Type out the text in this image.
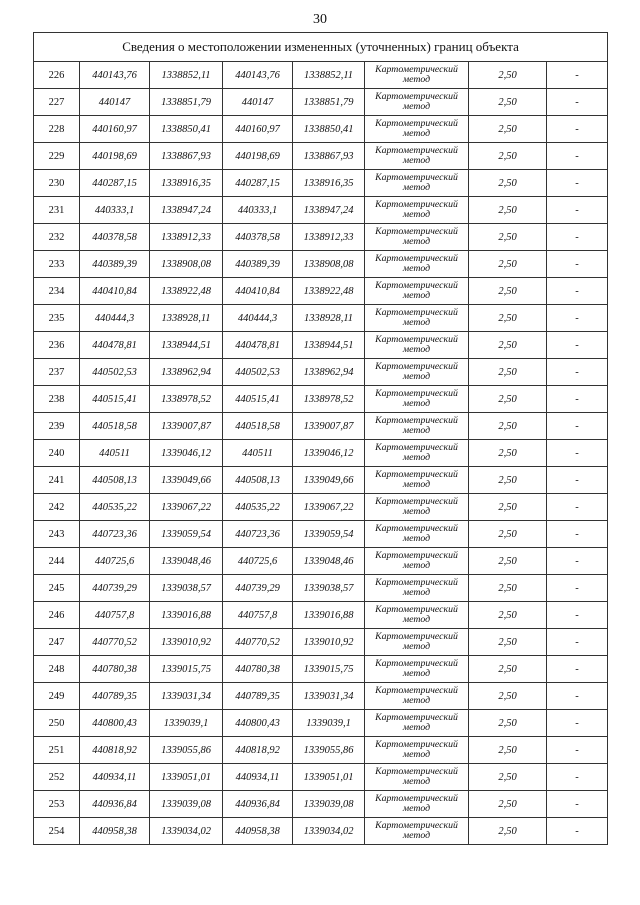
30
Сведения о местоположении измененных (уточненных) границ объекта							
226	440143,76	1338852,11	440143,76	1338852,11	Картометрический метод	2,50	-
227	440147	1338851,79	440147	1338851,79	Картометрический метод	2,50	-
228	440160,97	1338850,41	440160,97	1338850,41	Картометрический метод	2,50	-
229	440198,69	1338867,93	440198,69	1338867,93	Картометрический метод	2,50	-
230	440287,15	1338916,35	440287,15	1338916,35	Картометрический метод	2,50	-
231	440333,1	1338947,24	440333,1	1338947,24	Картометрический метод	2,50	-
232	440378,58	1338912,33	440378,58	1338912,33	Картометрический метод	2,50	-
233	440389,39	1338908,08	440389,39	1338908,08	Картометрический метод	2,50	-
234	440410,84	1338922,48	440410,84	1338922,48	Картометрический метод	2,50	-
235	440444,3	1338928,11	440444,3	1338928,11	Картометрический метод	2,50	-
236	440478,81	1338944,51	440478,81	1338944,51	Картометрический метод	2,50	-
237	440502,53	1338962,94	440502,53	1338962,94	Картометрический метод	2,50	-
238	440515,41	1338978,52	440515,41	1338978,52	Картометрический метод	2,50	-
239	440518,58	1339007,87	440518,58	1339007,87	Картометрический метод	2,50	-
240	440511	1339046,12	440511	1339046,12	Картометрический метод	2,50	-
241	440508,13	1339049,66	440508,13	1339049,66	Картометрический метод	2,50	-
242	440535,22	1339067,22	440535,22	1339067,22	Картометрический метод	2,50	-
243	440723,36	1339059,54	440723,36	1339059,54	Картометрический метод	2,50	-
244	440725,6	1339048,46	440725,6	1339048,46	Картометрический метод	2,50	-
245	440739,29	1339038,57	440739,29	1339038,57	Картометрический метод	2,50	-
246	440757,8	1339016,88	440757,8	1339016,88	Картометрический метод	2,50	-
247	440770,52	1339010,92	440770,52	1339010,92	Картометрический метод	2,50	-
248	440780,38	1339015,75	440780,38	1339015,75	Картометрический метод	2,50	-
249	440789,35	1339031,34	440789,35	1339031,34	Картометрический метод	2,50	-
250	440800,43	1339039,1	440800,43	1339039,1	Картометрический метод	2,50	-
251	440818,92	1339055,86	440818,92	1339055,86	Картометрический метод	2,50	-
252	440934,11	1339051,01	440934,11	1339051,01	Картометрический метод	2,50	-
253	440936,84	1339039,08	440936,84	1339039,08	Картометрический метод	2,50	-
254	440958,38	1339034,02	440958,38	1339034,02	Картометрический метод	2,50	-
